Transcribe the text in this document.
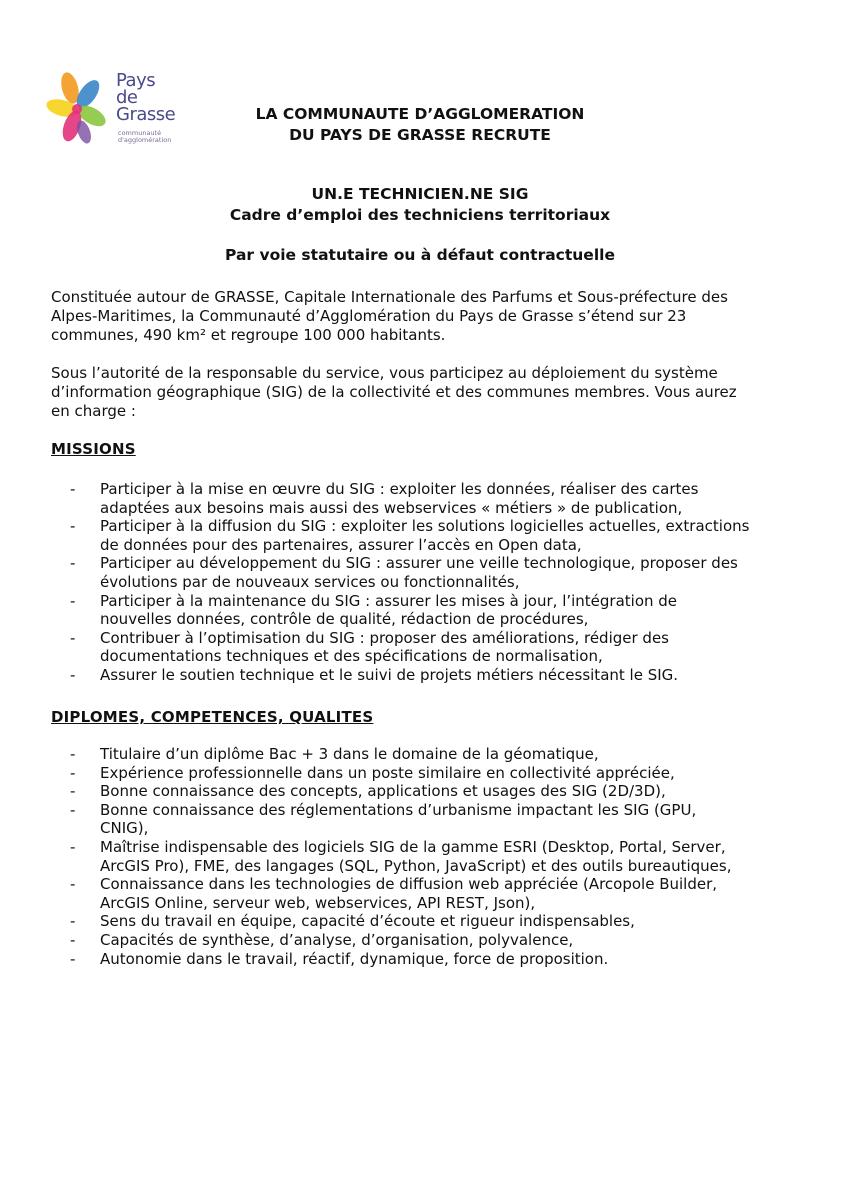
Pays
de
Grasse
communauté
d'agglomération
LA COMMUNAUTE D’AGGLOMERATION
DU PAYS DE GRASSE RECRUTE
UN.E TECHNICIEN.NE SIG
Cadre d’emploi des techniciens territoriaux
Par voie statutaire ou à défaut contractuelle
Constituée autour de GRASSE, Capitale Internationale des Parfums et Sous-préfecture des
Alpes-Maritimes, la Communauté d’Agglomération du Pays de Grasse s’étend sur 23
communes, 490 km² et regroupe 100 000 habitants.
Sous l’autorité de la responsable du service, vous participez au déploiement du système
d’information géographique (SIG) de la collectivité et des communes membres. Vous aurez
en charge :
MISSIONS
- Participer à la mise en œuvre du SIG : exploiter les données, réaliser des cartes
adaptées aux besoins mais aussi des webservices « métiers » de publication,
- Participer à la diffusion du SIG : exploiter les solutions logicielles actuelles, extractions
de données pour des partenaires, assurer l’accès en Open data,
- Participer au développement du SIG : assurer une veille technologique, proposer des
évolutions par de nouveaux services ou fonctionnalités,
- Participer à la maintenance du SIG : assurer les mises à jour, l’intégration de
nouvelles données, contrôle de qualité, rédaction de procédures,
- Contribuer à l’optimisation du SIG : proposer des améliorations, rédiger des
documentations techniques et des spécifications de normalisation,
- Assurer le soutien technique et le suivi de projets métiers nécessitant le SIG.
DIPLOMES, COMPETENCES, QUALITES
- Titulaire d’un diplôme Bac + 3 dans le domaine de la géomatique,
- Expérience professionnelle dans un poste similaire en collectivité appréciée,
- Bonne connaissance des concepts, applications et usages des SIG (2D/3D),
- Bonne connaissance des réglementations d’urbanisme impactant les SIG (GPU,
CNIG),
- Maîtrise indispensable des logiciels SIG de la gamme ESRI (Desktop, Portal, Server,
ArcGIS Pro), FME, des langages (SQL, Python, JavaScript) et des outils bureautiques,
- Connaissance dans les technologies de diffusion web appréciée (Arcopole Builder,
ArcGIS Online, serveur web, webservices, API REST, Json),
- Sens du travail en équipe, capacité d’écoute et rigueur indispensables,
- Capacités de synthèse, d’analyse, d’organisation, polyvalence,
- Autonomie dans le travail, réactif, dynamique, force de proposition.
